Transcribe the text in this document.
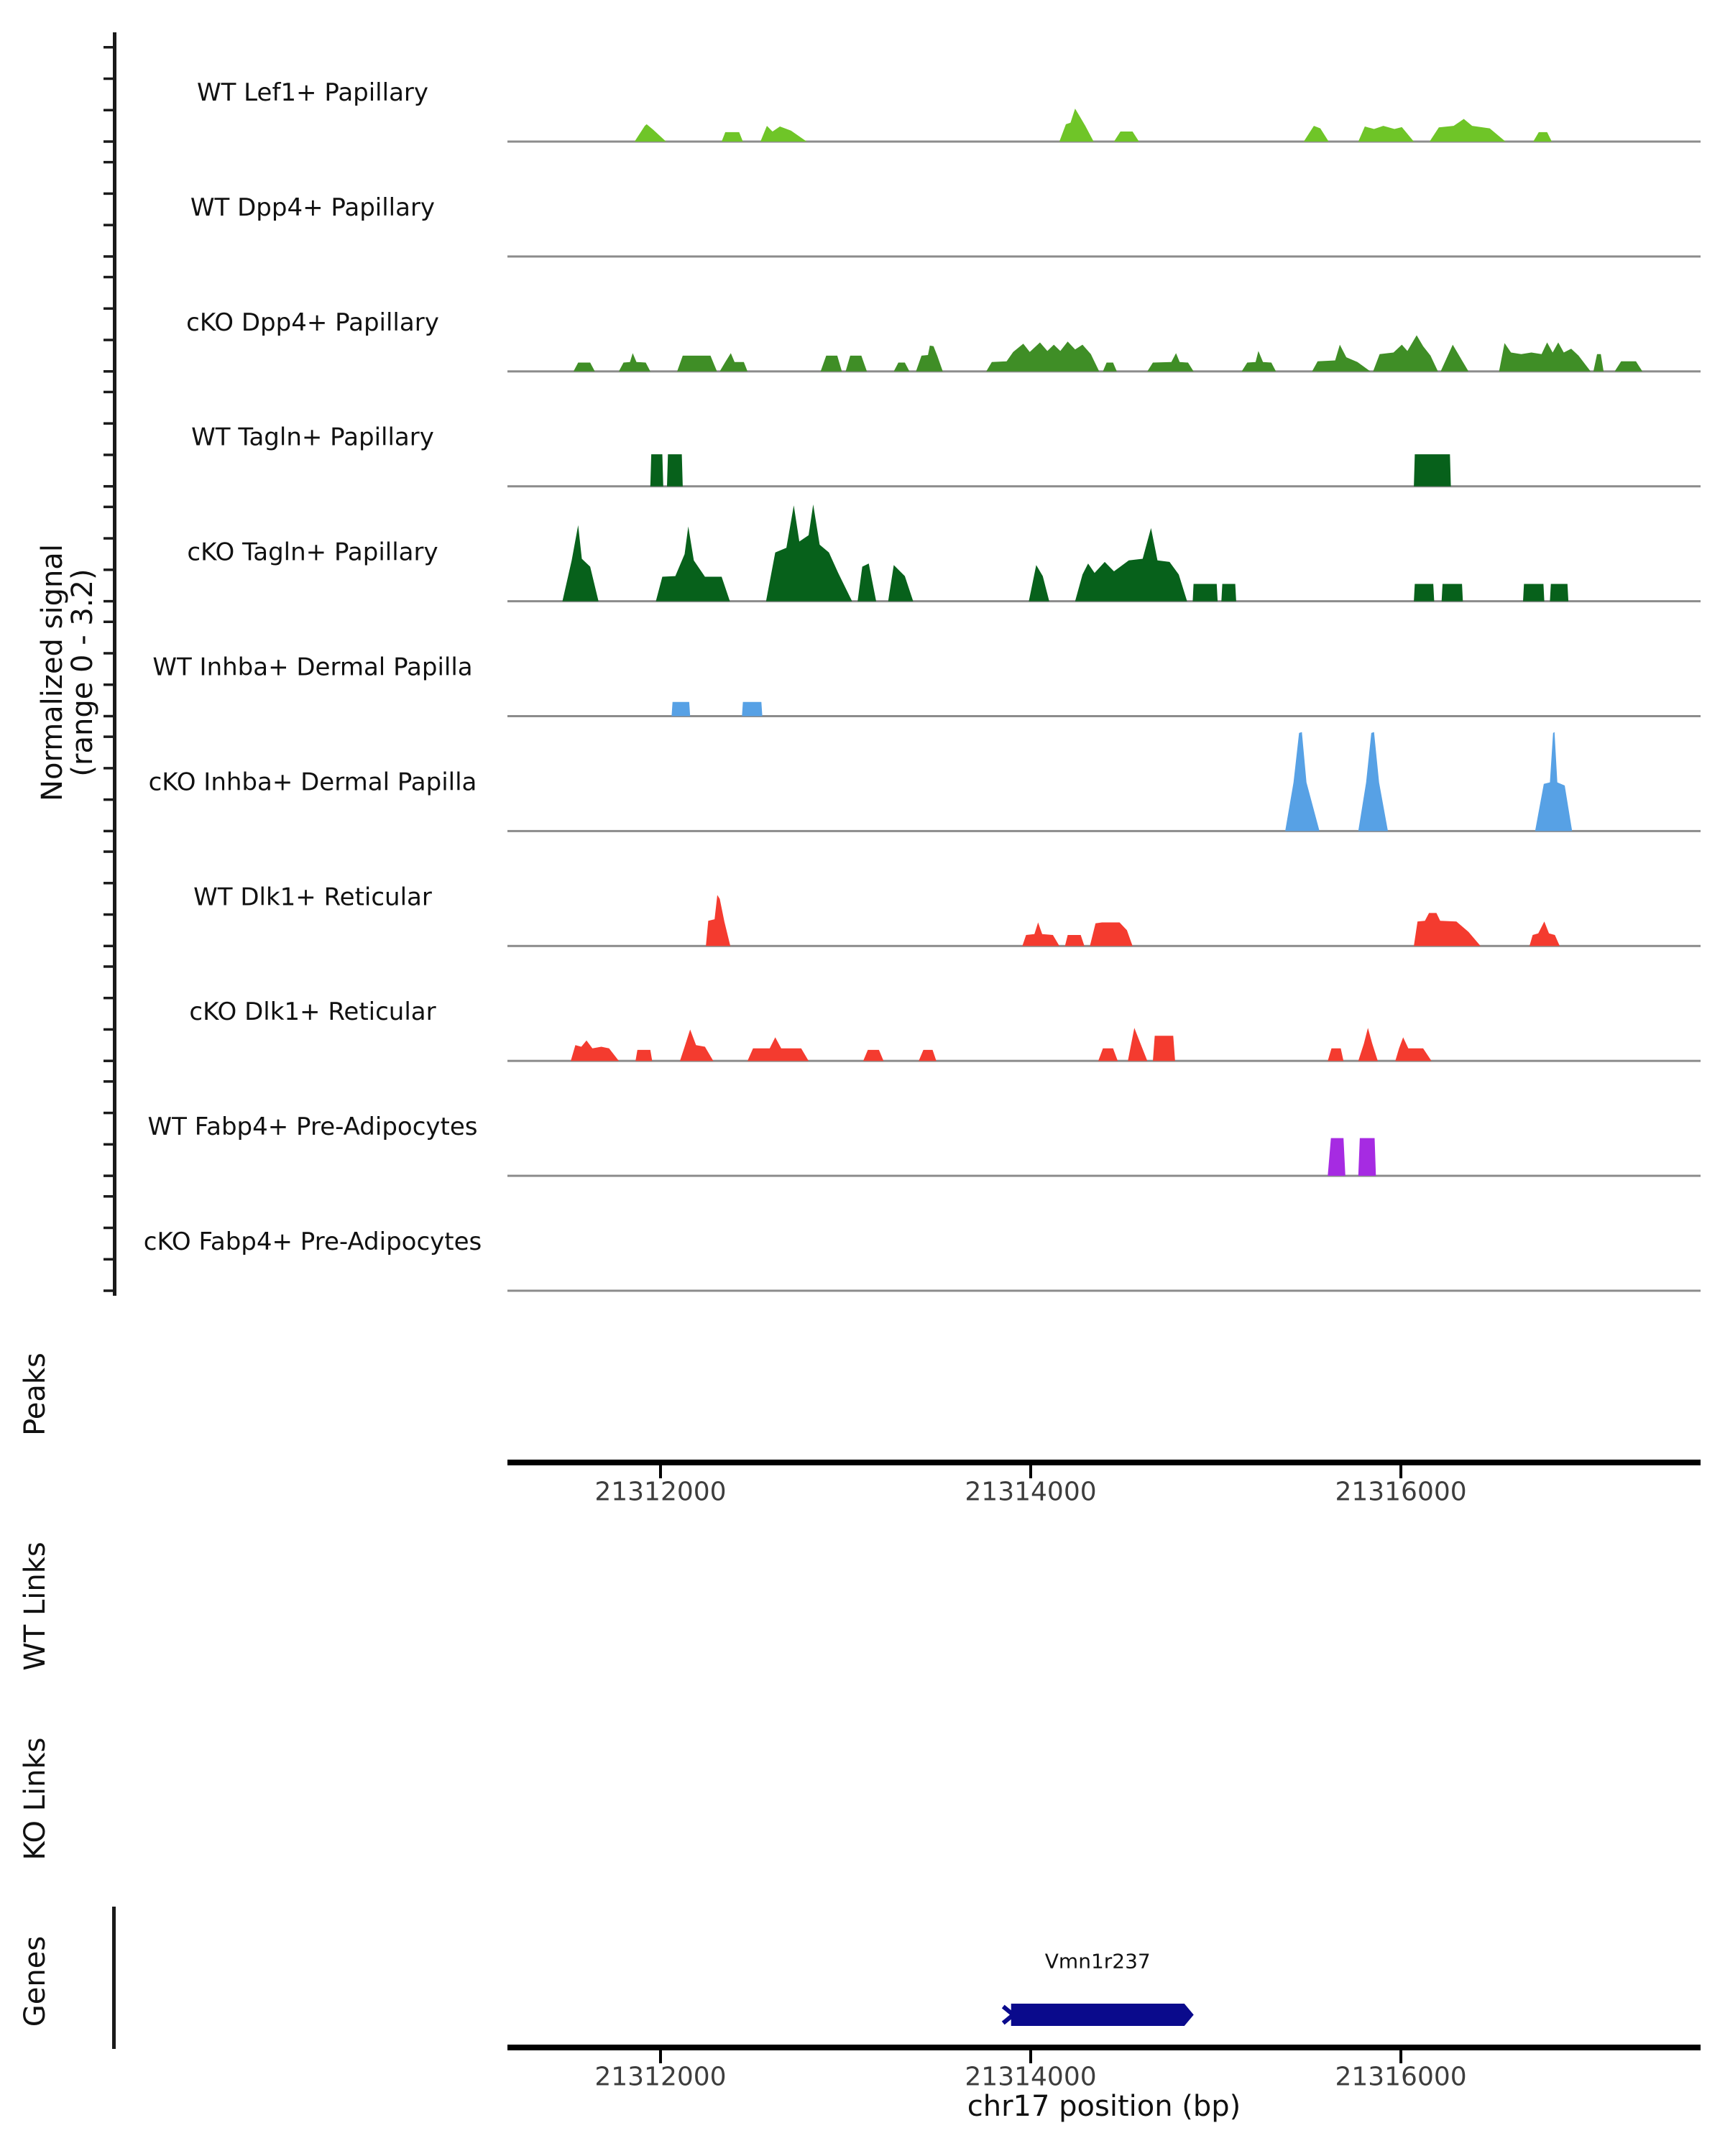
Normalized signal
(range 0 - 3.2)
WT Lef1+ Papillary
WT Dpp4+ Papillary
cKO Dpp4+ Papillary
WT Tagln+ Papillary
cKO Tagln+ Papillary
WT Inhba+ Dermal Papilla
cKO Inhba+ Dermal Papilla
WT Dlk1+ Reticular
cKO Dlk1+ Reticular
WT Fabp4+ Pre-Adipocytes
cKO Fabp4+ Pre-Adipocytes
Peaks
WT Links
KO Links
Genes
21312000	21314000	21316000
21312000	21314000	21316000
Vmn1r237
chr17 position (bp)
